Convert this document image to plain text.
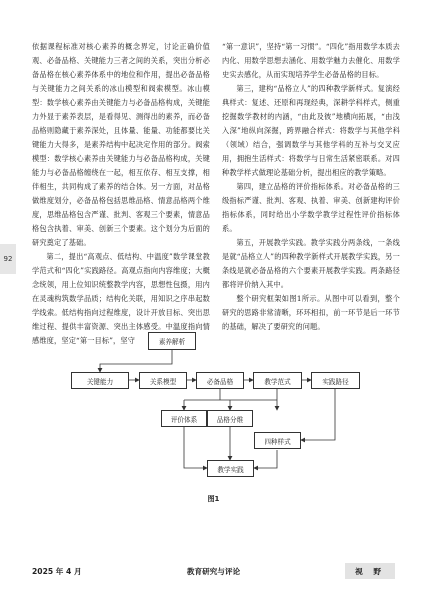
92

依据课程标准对核心素养的概念界定，讨论正确价值观、必备品格、关键能力三者之间的关系，突出分析必备品格在核心素养体系中的地位和作用，提出必备品格与关键能力之间关系的冰山模型和阀索模型。冰山模型：数学核心素养由关键能力与必备品格构成，关键能力外显于素养表层，是看得见、测得出的素养，而必备品格则隐藏于素养深处，且体量、能量、功能都要比关键能力大得多，是素养结构中起决定作用的部分。阀索模型：数学核心素养由关键能力与必备品格构成，关键能力与必备品格缠绕在一起，相互依存、相互支撑，相伴相生，共同构成了素养的结合体。另一方面，对品格做维度划分，必备品格包括思维品格、情意品格两个维度，思维品格包含严谨、批判、客观三个要素，情意品格包含执着、审美、创新三个要素。这个划分为后面的研究奠定了基础。

第二，提出“高观点、低结构、中温度”数学课堂教学范式和“四化”实践路径。高观点指向内容维度；大概念统领，用上位知识统整教学内容，思想性包摄，用内在灵魂构筑数学品质；结构化关联，用知识之序串起数学线索。低结构指向过程维度，设计开放目标、突出思维过程、提供丰富资源、突出主体感受。中温度指向情感维度，坚定“第一目标”，坚守

“第一意识”，坚持“第一习惯”。“四化”指用数学本质去内化、用数学思想去涵化、用数学魅力去催化、用数学史实去感化，从而实现培养学生必备品格的目标。

第三，建构“品格立人”的四种教学新样式。复演经典样式：复述、还原和再现经典，深耕学科样式，侧重挖掘数学教材的内涵，“由此及彼”地横向拓展，“由浅入深”地纵向深掘，跨界融合样式：将数学与其他学科（领域）结合，强调数学与其他学科的互补与交叉应用，拥抱生活样式：将数学与日常生活紧密联系。对四种教学样式做理论基础分析，提出相应的教学策略。

第四，建立品格的评价指标体系。对必备品格的三级指标严谨、批判、客观、执着、审美、创新建构评价指标体系，同时给出小学数学教学过程性评价指标体系。

第五，开展教学实践。教学实践分两条线，一条线是就“品格立人”的四种教学新样式开展教学实践，另一条线是就必备品格的六个要素开展教学实践。两条路径都将评价纳入其中。

整个研究框架如图1所示。从图中可以看到，整个研究的思路非常清晰，环环相扣，前一环节是后一环节的基础，解决了要研究的问题。

素养解析
关键能力	关系模型	必备品格	教学范式	实践路径
评价体系	品格分维
四种样式
教学实践
图1
2025 年 4 月	教育研究与评论	视 野
